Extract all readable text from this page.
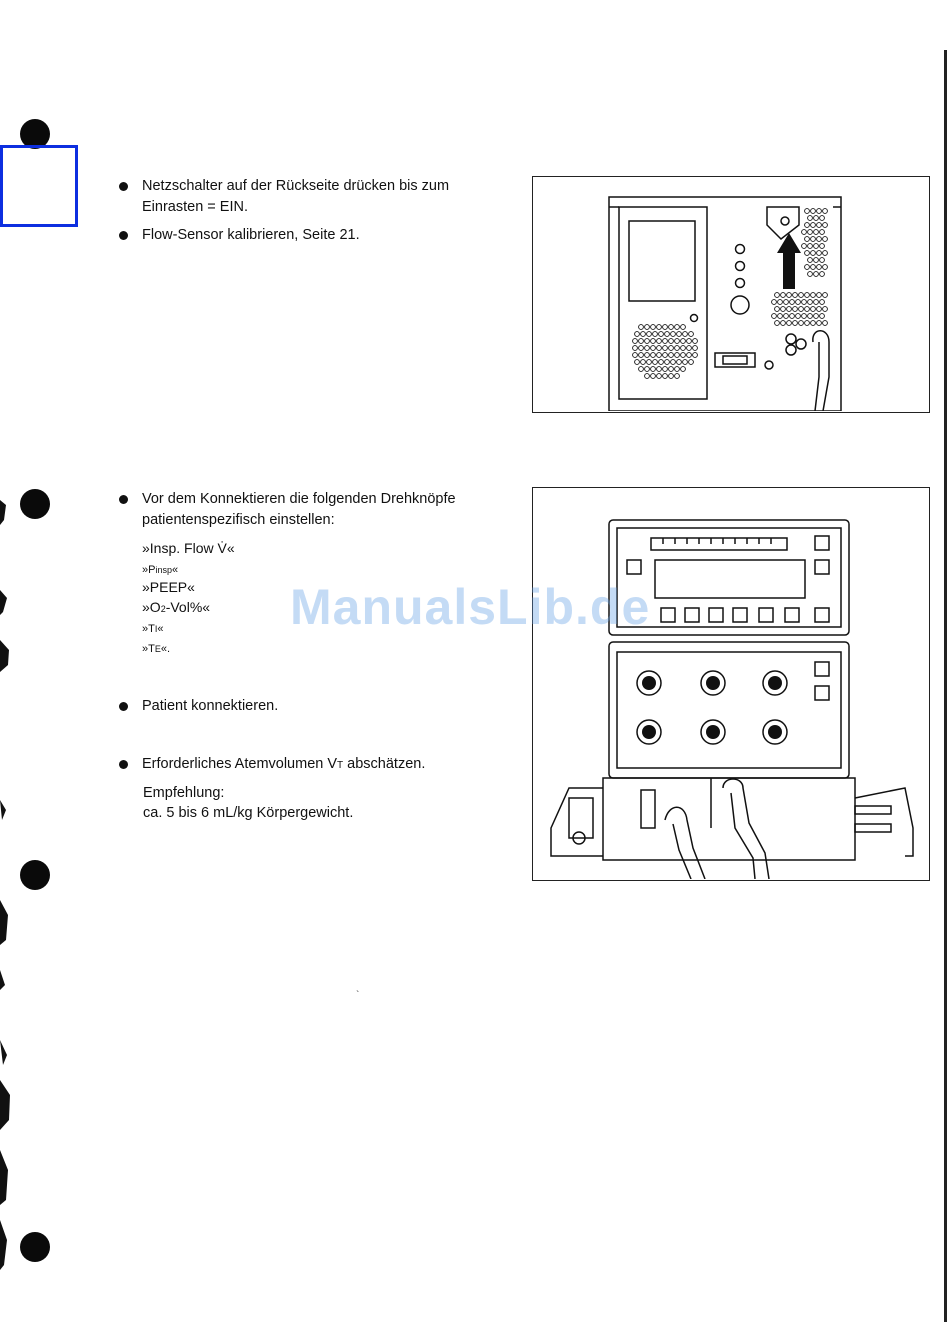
Netzschalter auf der Rückseite drücken bis zum Einrasten = EIN.
Flow-Sensor kalibrieren, Seite 21.
Vor dem Konnektieren die folgenden Drehknöpfe patientenspezifisch einstellen:
»Insp. Flow V̇«
»Pinsp«
»PEEP«
»O2-Vol%«
»TI«
»TE«.
Patient konnektieren.
Erforderliches Atemvolumen VT abschätzen.
Empfehlung:
ca. 5 bis 6 mL/kg Körpergewicht.
ManualsLib.de
`
